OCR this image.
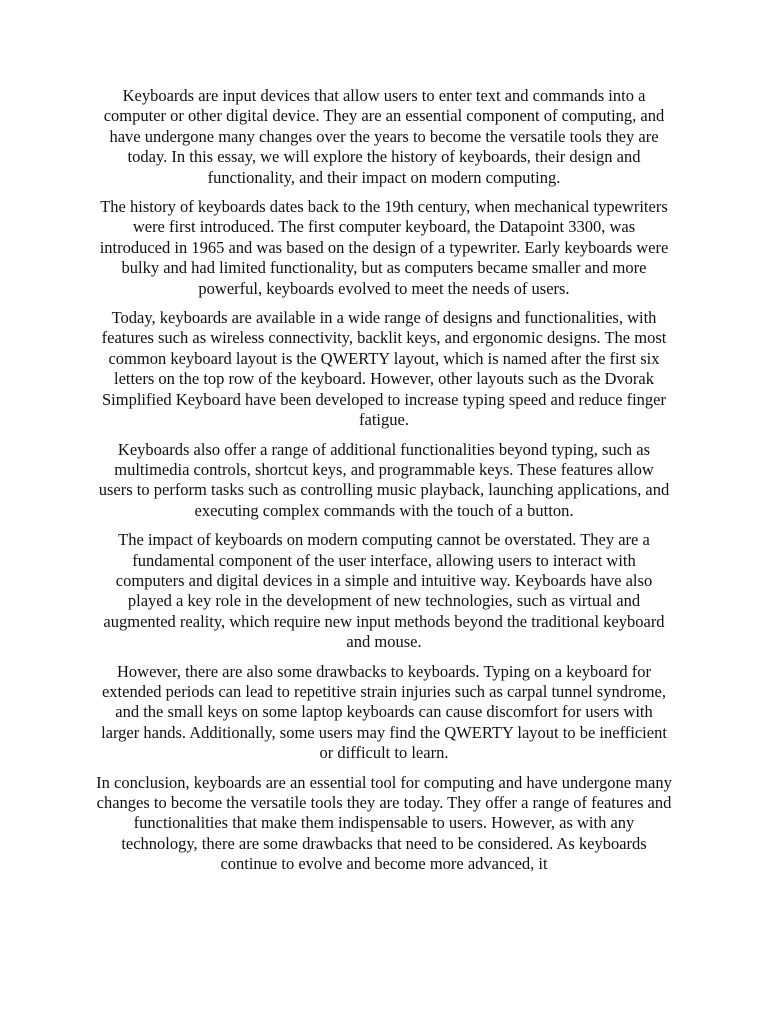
Keyboards are input devices that allow users to enter text and commands into a computer or other digital device. They are an essential component of computing, and have undergone many changes over the years to become the versatile tools they are today. In this essay, we will explore the history of keyboards, their design and functionality, and their impact on modern computing.

The history of keyboards dates back to the 19th century, when mechanical typewriters were first introduced. The first computer keyboard, the Datapoint 3300, was introduced in 1965 and was based on the design of a typewriter. Early keyboards were bulky and had limited functionality, but as computers became smaller and more powerful, keyboards evolved to meet the needs of users.

Today, keyboards are available in a wide range of designs and functionalities, with features such as wireless connectivity, backlit keys, and ergonomic designs. The most common keyboard layout is the QWERTY layout, which is named after the first six letters on the top row of the keyboard. However, other layouts such as the Dvorak Simplified Keyboard have been developed to increase typing speed and reduce finger fatigue.

Keyboards also offer a range of additional functionalities beyond typing, such as multimedia controls, shortcut keys, and programmable keys. These features allow users to perform tasks such as controlling music playback, launching applications, and executing complex commands with the touch of a button.

The impact of keyboards on modern computing cannot be overstated. They are a fundamental component of the user interface, allowing users to interact with computers and digital devices in a simple and intuitive way. Keyboards have also played a key role in the development of new technologies, such as virtual and augmented reality, which require new input methods beyond the traditional keyboard and mouse.

However, there are also some drawbacks to keyboards. Typing on a keyboard for extended periods can lead to repetitive strain injuries such as carpal tunnel syndrome, and the small keys on some laptop keyboards can cause discomfort for users with larger hands. Additionally, some users may find the QWERTY layout to be inefficient or difficult to learn.

In conclusion, keyboards are an essential tool for computing and have undergone many changes to become the versatile tools they are today. They offer a range of features and functionalities that make them indispensable to users. However, as with any technology, there are some drawbacks that need to be considered. As keyboards continue to evolve and become more advanced, it
